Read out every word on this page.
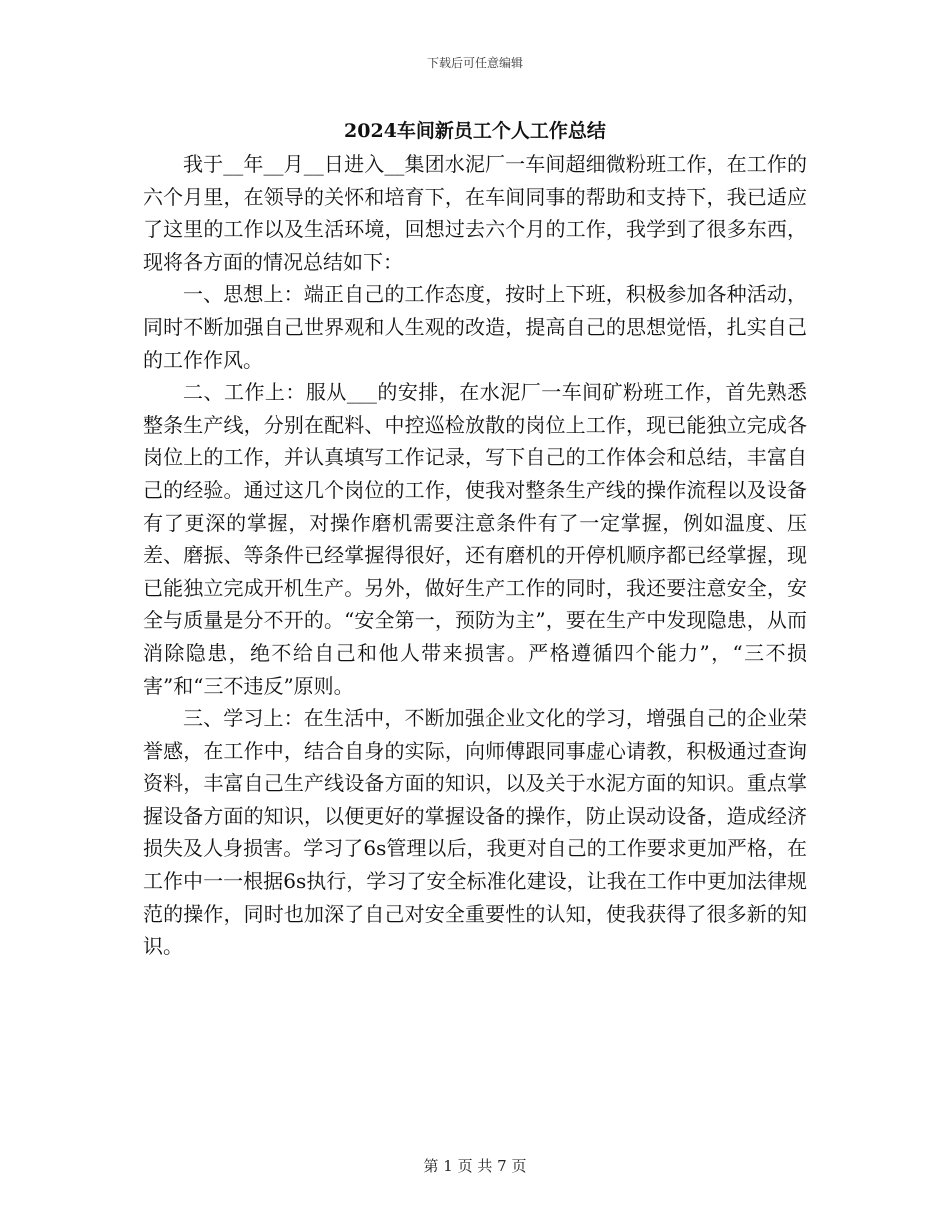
下载后可任意编辑
2024车间新员工个人工作总结

我于__年__月__日进入__集团水泥厂一车间超细微粉班工作，在工作的六个月里，在领导的关怀和培育下，在车间同事的帮助和支持下，我已适应了这里的工作以及生活环境，回想过去六个月的工作，我学到了很多东西，现将各方面的情况总结如下：

一、思想上：端正自己的工作态度，按时上下班，积极参加各种活动，同时不断加强自己世界观和人生观的改造，提高自己的思想觉悟，扎实自己的工作作风。

二、工作上：服从___的安排，在水泥厂一车间矿粉班工作，首先熟悉整条生产线，分别在配料、中控巡检放散的岗位上工作，现已能独立完成各岗位上的工作，并认真填写工作记录，写下自己的工作体会和总结，丰富自己的经验。通过这几个岗位的工作，使我对整条生产线的操作流程以及设备有了更深的掌握，对操作磨机需要注意条件有了一定掌握，例如温度、压差、磨振、等条件已经掌握得很好，还有磨机的开停机顺序都已经掌握，现已能独立完成开机生产。另外，做好生产工作的同时，我还要注意安全，安全与质量是分不开的。“安全第一，预防为主”，要在生产中发现隐患，从而消除隐患，绝不给自己和他人带来损害。严格遵循四个能力”，“三不损害”和“三不违反”原则。

三、学习上：在生活中，不断加强企业文化的学习，增强自己的企业荣誉感，在工作中，结合自身的实际，向师傅跟同事虚心请教，积极通过查询资料，丰富自己生产线设备方面的知识，以及关于水泥方面的知识。重点掌握设备方面的知识，以便更好的掌握设备的操作，防止误动设备，造成经济损失及人身损害。学习了6s管理以后，我更对自己的工作要求更加严格，在工作中一一根据6s执行，学习了安全标准化建设，让我在工作中更加法律规范的操作，同时也加深了自己对安全重要性的认知，使我获得了很多新的知识。

第 1 页 共 7 页
